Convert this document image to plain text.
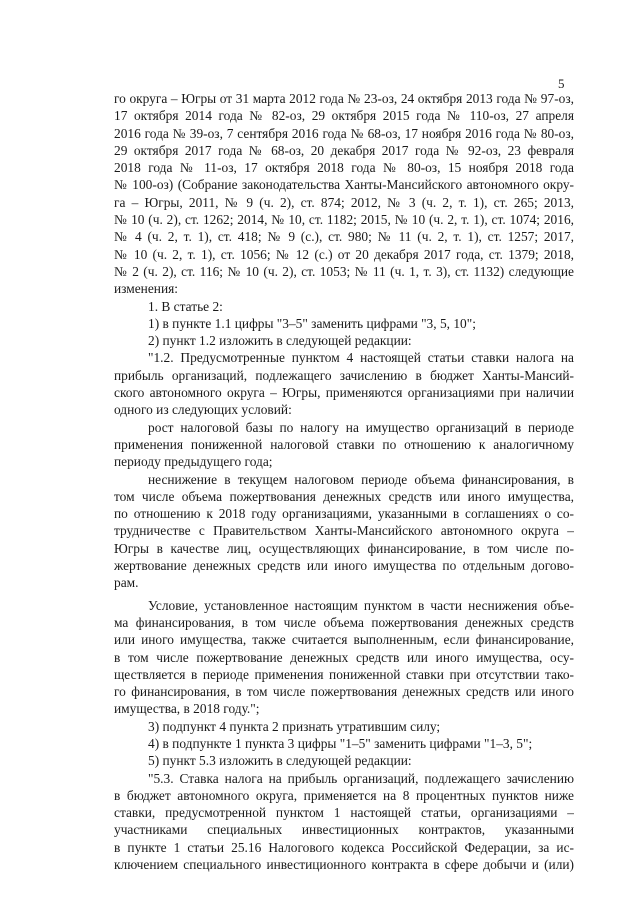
5

го округа – Югры от 31 марта 2012 года № 23-оз, 24 октября 2013 года № 97-оз,

17 октября 2014 года № 82-оз, 29 октября 2015 года № 110-оз, 27 апреля

2016 года № 39-оз, 7 сентября 2016 года № 68-оз, 17 ноября 2016 года № 80-оз,

29 октября 2017 года № 68-оз, 20 декабря 2017 года № 92-оз, 23 февраля

2018 года № 11-оз, 17 октября 2018 года № 80-оз, 15 ноября 2018 года

№ 100-оз) (Собрание законодательства Ханты-Мансийского автономного окру-

га – Югры, 2011, № 9 (ч. 2), ст. 874; 2012, № 3 (ч. 2, т. 1), ст. 265; 2013,

№ 10 (ч. 2), ст. 1262; 2014, № 10, ст. 1182; 2015, № 10 (ч. 2, т. 1), ст. 1074; 2016,

№ 4 (ч. 2, т. 1), ст. 418; № 9 (с.), ст. 980; № 11 (ч. 2, т. 1), ст. 1257; 2017,

№ 10 (ч. 2, т. 1), ст. 1056; № 12 (с.) от 20 декабря 2017 года, ст. 1379; 2018,

№ 2 (ч. 2), ст. 116; № 10 (ч. 2), ст. 1053; № 11 (ч. 1, т. 3), ст. 1132) следующие

изменения:

1. В статье 2:

1) в пункте 1.1 цифры "3–5" заменить цифрами "3, 5, 10";

2) пункт 1.2 изложить в следующей редакции:

"1.2. Предусмотренные пунктом 4 настоящей статьи ставки налога на

прибыль организаций, подлежащего зачислению в бюджет Ханты-Мансий-

ского автономного округа – Югры, применяются организациями при наличии

одного из следующих условий:

рост налоговой базы по налогу на имущество организаций в периоде

применения пониженной налоговой ставки по отношению к аналогичному

периоду предыдущего года;

неснижение в текущем налоговом периоде объема финансирования, в

том числе объема пожертвования денежных средств или иного имущества,

по отношению к 2018 году организациями, указанными в соглашениях о со-

трудничестве с Правительством Ханты-Мансийского автономного округа –

Югры в качестве лиц, осуществляющих финансирование, в том числе по-

жертвование денежных средств или иного имущества по отдельным догово-

рам.

Условие, установленное настоящим пунктом в части неснижения объе-

ма финансирования, в том числе объема пожертвования денежных средств

или иного имущества, также считается выполненным, если финансирование,

в том числе пожертвование денежных средств или иного имущества, осу-

ществляется в периоде применения пониженной ставки при отсутствии тако-

го финансирования, в том числе пожертвования денежных средств или иного

имущества, в 2018 году.";

3) подпункт 4 пункта 2 признать утратившим силу;

4) в подпункте 1 пункта 3 цифры "1–5" заменить цифрами "1–3, 5";

5) пункт 5.3 изложить в следующей редакции:

"5.3. Ставка налога на прибыль организаций, подлежащего зачислению

в бюджет автономного округа, применяется на 8 процентных пунктов ниже

ставки, предусмотренной пунктом 1 настоящей статьи, организациями –

участниками специальных инвестиционных контрактов, указанными

в пункте 1 статьи 25.16 Налогового кодекса Российской Федерации, за ис-

ключением специального инвестиционного контракта в сфере добычи и (или)
